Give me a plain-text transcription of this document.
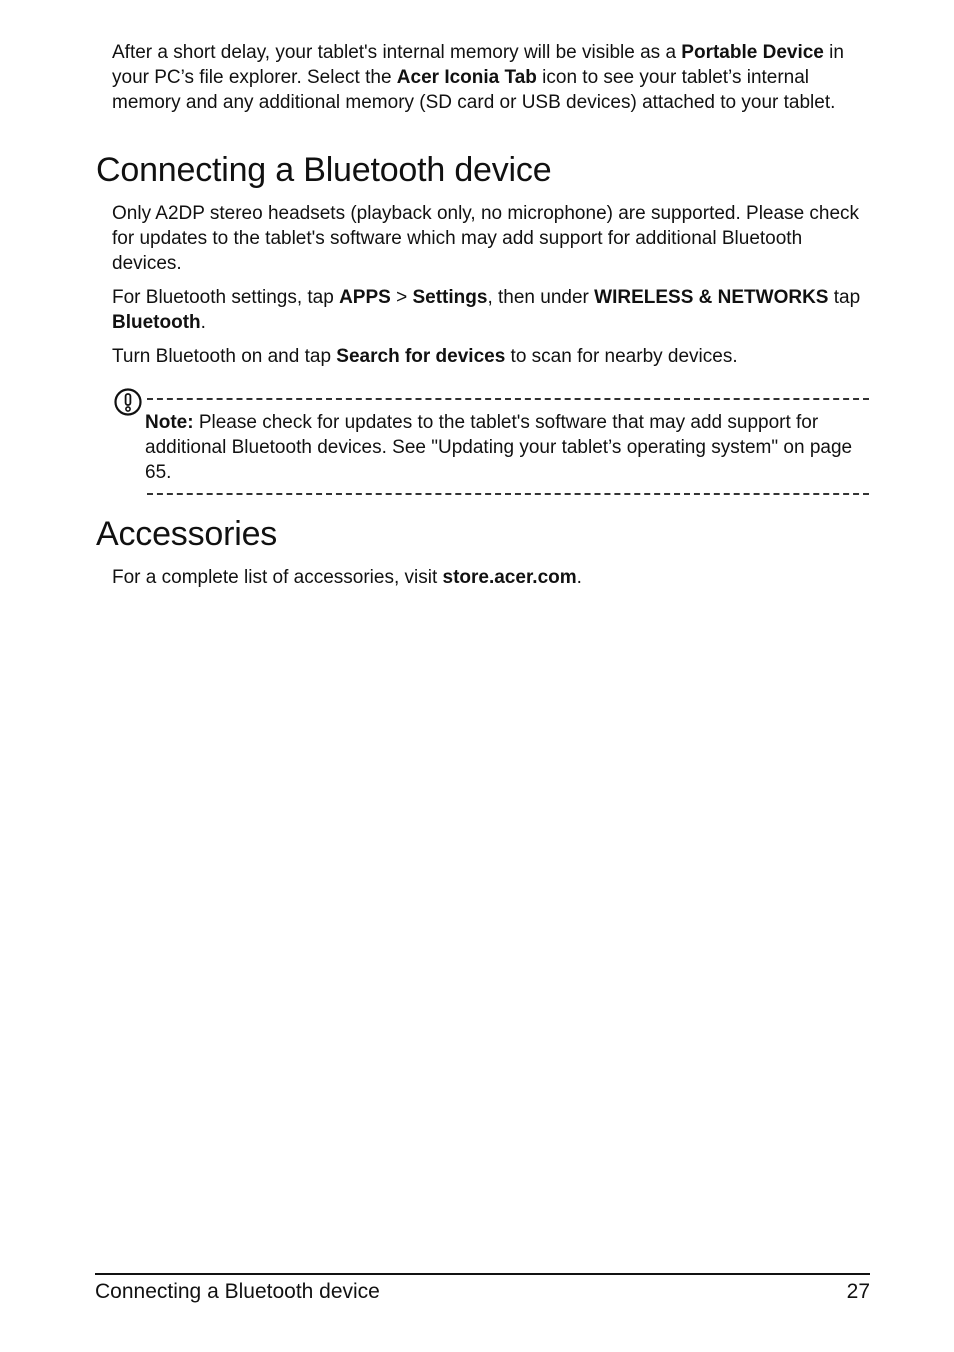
After a short delay, your tablet's internal memory will be visible as a Portable Device in your PC’s file explorer. Select the Acer Iconia Tab icon to see your tablet’s internal memory and any additional memory (SD card or USB devices) attached to your tablet.

Connecting a Bluetooth device

Only A2DP stereo headsets (playback only, no microphone) are supported. Please check for updates to the tablet's software which may add support for additional Bluetooth devices.

For Bluetooth settings, tap APPS > Settings, then under WIRELESS & NETWORKS tap Bluetooth.

Turn Bluetooth on and tap Search for devices to scan for nearby devices.

Note: Please check for updates to the tablet's software that may add support for additional Bluetooth devices. See "Updating your tablet’s operating system" on page 65.

Accessories

For a complete list of accessories, visit store.acer.com.

Connecting a Bluetooth device	27
